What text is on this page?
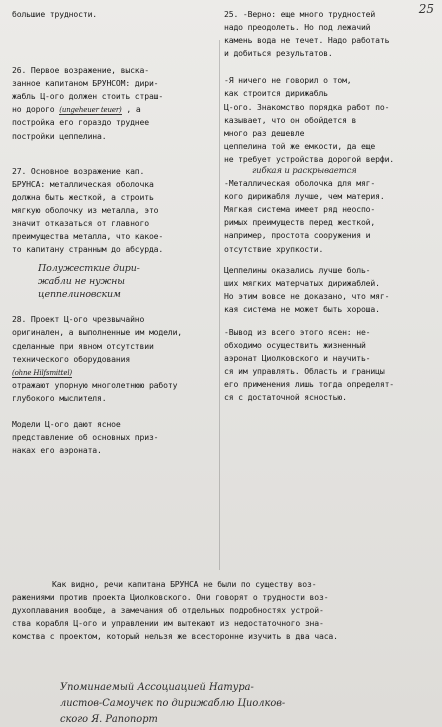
25
большие трудности.
26. Первое возражение, выска-
занное капитаном БРУНСОМ: дири-
жабль Ц-ого должен стоить страш-
но дорого (ungeheuer teuer) , а
постройка его гораздо труднее
постройки цеппелина.
27. Основное возражение кап.
БРУНСА: металлическая оболочка
должна быть жесткой, а строить
мягкую оболочку из металла, это
значит отказаться от главного
преимущества металла, что какое-
то капитану странным до абсурда.
Полужесткие дири-
жабли не нужны
цеппелиновским
28. Проект Ц-ого чрезвычайно
оригинален, а выполненные им модели,
сделанные при явном отсутствии
технического оборудования
(ohne Hilfsmittel)
отражают упорную многолетнюю работу
глубокого мыслителя.
Модели Ц-ого дают ясное
представление об основных приз-
наках его аэроната.
25. -Верно: еще много трудностей
надо преодолеть. Но под лежачий
камень вода не течет. Надо работать
и добиться результатов.
-Я ничего не говорил о том,
как строится дирижабль
Ц-ого. Знакомство порядка работ по-
казывает, что он обойдется в
много раз дешевле
цеппелина той же емкости, да еще
не требует устройства дорогой верфи.
гибкая и раскрывается
-Металлическая оболочка для мяг-
кого дирижабля лучше, чем материя.
Мягкая система имеет ряд неоспо-
римых преимуществ перед жесткой,
например, простота сооружения и
отсутствие хрупкости.
Цеппелины оказались лучше боль-
ших мягких матерчатых дирижаблей.
Но этим вовсе не доказано, что мяг-
кая система не может быть хороша.
-Вывод из всего этого ясен: не-
обходимо осуществить жизненный
аэронат Циолковского и научить-
ся им управлять. Область и границы
его применения лишь тогда определят-
ся с достаточной ясностью.
Как видно, речи капитана БРУНСА не были по существу воз-
ражениями против проекта Циолковского. Они говорят о трудности воз-
духоплавания вообще, а замечания об отдельных подробностях устрой-
ства корабля Ц-ого и управлении им вытекают из недостаточного зна-
комства с проектом, который нельзя же всесторонне изучить в два часа.
Упоминаемый Ассоциацией Натура-
листов-Самоучек по дирижаблю Циолков-
ского Я. Рапопорт
